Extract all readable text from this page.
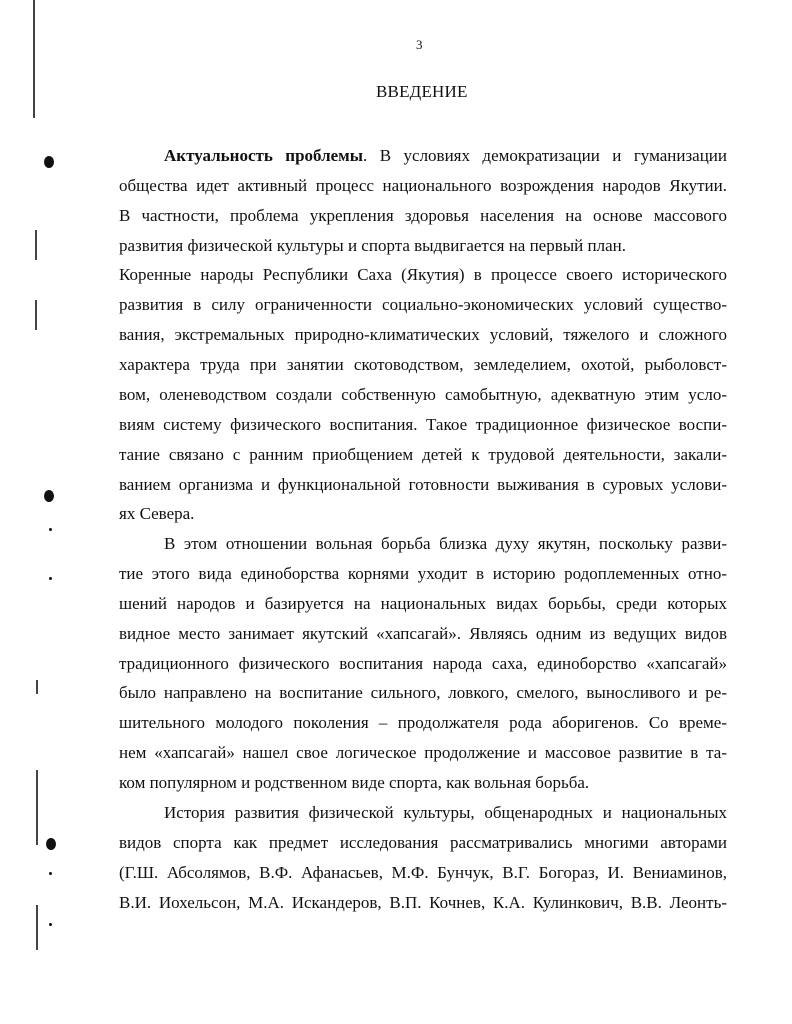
3
ВВЕДЕНИЕ
Актуальность проблемы. В условиях демократизации и гуманизации
общества идет активный процесс национального возрождения народов Якутии.
В частности, проблема укрепления здоровья населения на основе массового
развития физической культуры и спорта выдвигается на первый план.
Коренные народы Республики Саха (Якутия) в процессе своего исторического
развития в силу ограниченности социально-экономических условий существо-
вания, экстремальных природно-климатических условий, тяжелого и сложного
характера труда при занятии скотоводством, земледелием, охотой, рыболовст-
вом, оленеводством создали собственную самобытную, адекватную этим усло-
виям систему физического воспитания. Такое традиционное физическое воспи-
тание связано с ранним приобщением детей к трудовой деятельности, закали-
ванием организма и функциональной готовности выживания в суровых услови-
ях Севера.
В этом отношении вольная борьба близка духу якутян, поскольку разви-
тие этого вида единоборства корнями уходит в историю родоплеменных отно-
шений народов и базируется на национальных видах борьбы, среди которых
видное место занимает якутский «хапсагай». Являясь одним из ведущих видов
традиционного физического воспитания народа саха, единоборство «хапсагай»
было направлено на воспитание сильного, ловкого, смелого, выносливого и ре-
шительного молодого поколения – продолжателя рода аборигенов. Со време-
нем «хапсагай» нашел свое логическое продолжение и массовое развитие в та-
ком популярном и родственном виде спорта, как вольная борьба.
История развития физической культуры, общенародных и национальных
видов спорта как предмет исследования рассматривались многими авторами
(Г.Ш. Абсолямов, В.Ф. Афанасьев, М.Ф. Бунчук, В.Г. Богораз, И. Вениаминов,
В.И. Иохельсон, М.А. Искандеров, В.П. Кочнев, К.А. Кулинкович, В.В. Леонть-
